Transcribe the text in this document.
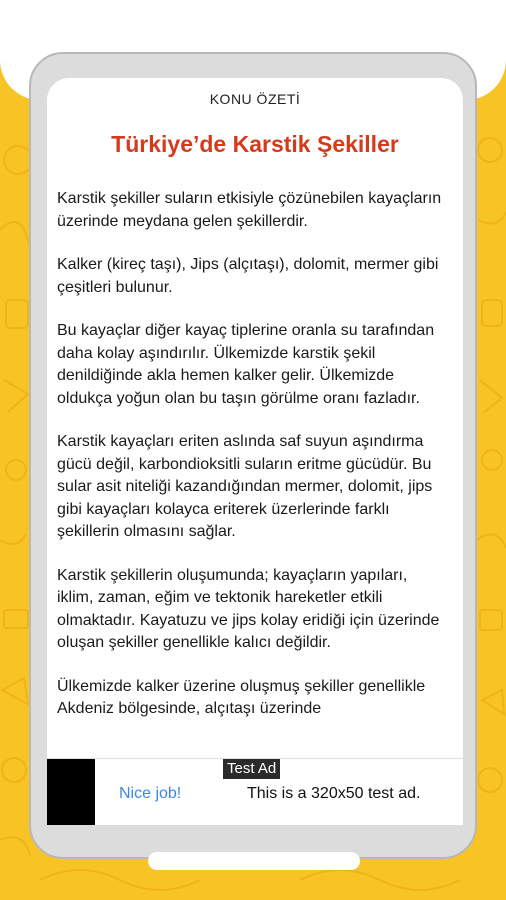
KONU ÖZETİ
Türkiye’de Karstik Şekiller

Karstik şekiller suların etkisiyle çözünebilen kayaçların üzerinde meydana gelen şekillerdir.

Kalker (kireç taşı), Jips (alçıtaşı), dolomit, mermer gibi çeşitleri bulunur.

Bu kayaçlar diğer kayaç tiplerine oranla su tarafından daha kolay aşındırılır. Ülkemizde karstik şekil denildiğinde akla hemen kalker gelir. Ülkemizde oldukça yoğun olan bu taşın görülme oranı fazladır.

Karstik kayaçları eriten aslında saf suyun aşındırma gücü değil, karbondioksitli suların eritme gücüdür. Bu sular asit niteliği kazandığından mermer, dolomit, jips gibi kayaçları kolayca eriterek üzerlerinde farklı şekillerin olmasını sağlar.

Karstik şekillerin oluşumunda; kayaçların yapıları, iklim, zaman, eğim ve tektonik hareketler etkili olmaktadır. Kayatuzu ve jips kolay eridiği için üzerinde oluşan şekiller genellikle kalıcı değildir.

Ülkemizde kalker üzerine oluşmuş şekiller genellikle Akdeniz bölgesinde, alçıtaşı üzerinde

Test Ad
Nice job!	This is a 320x50 test ad.
